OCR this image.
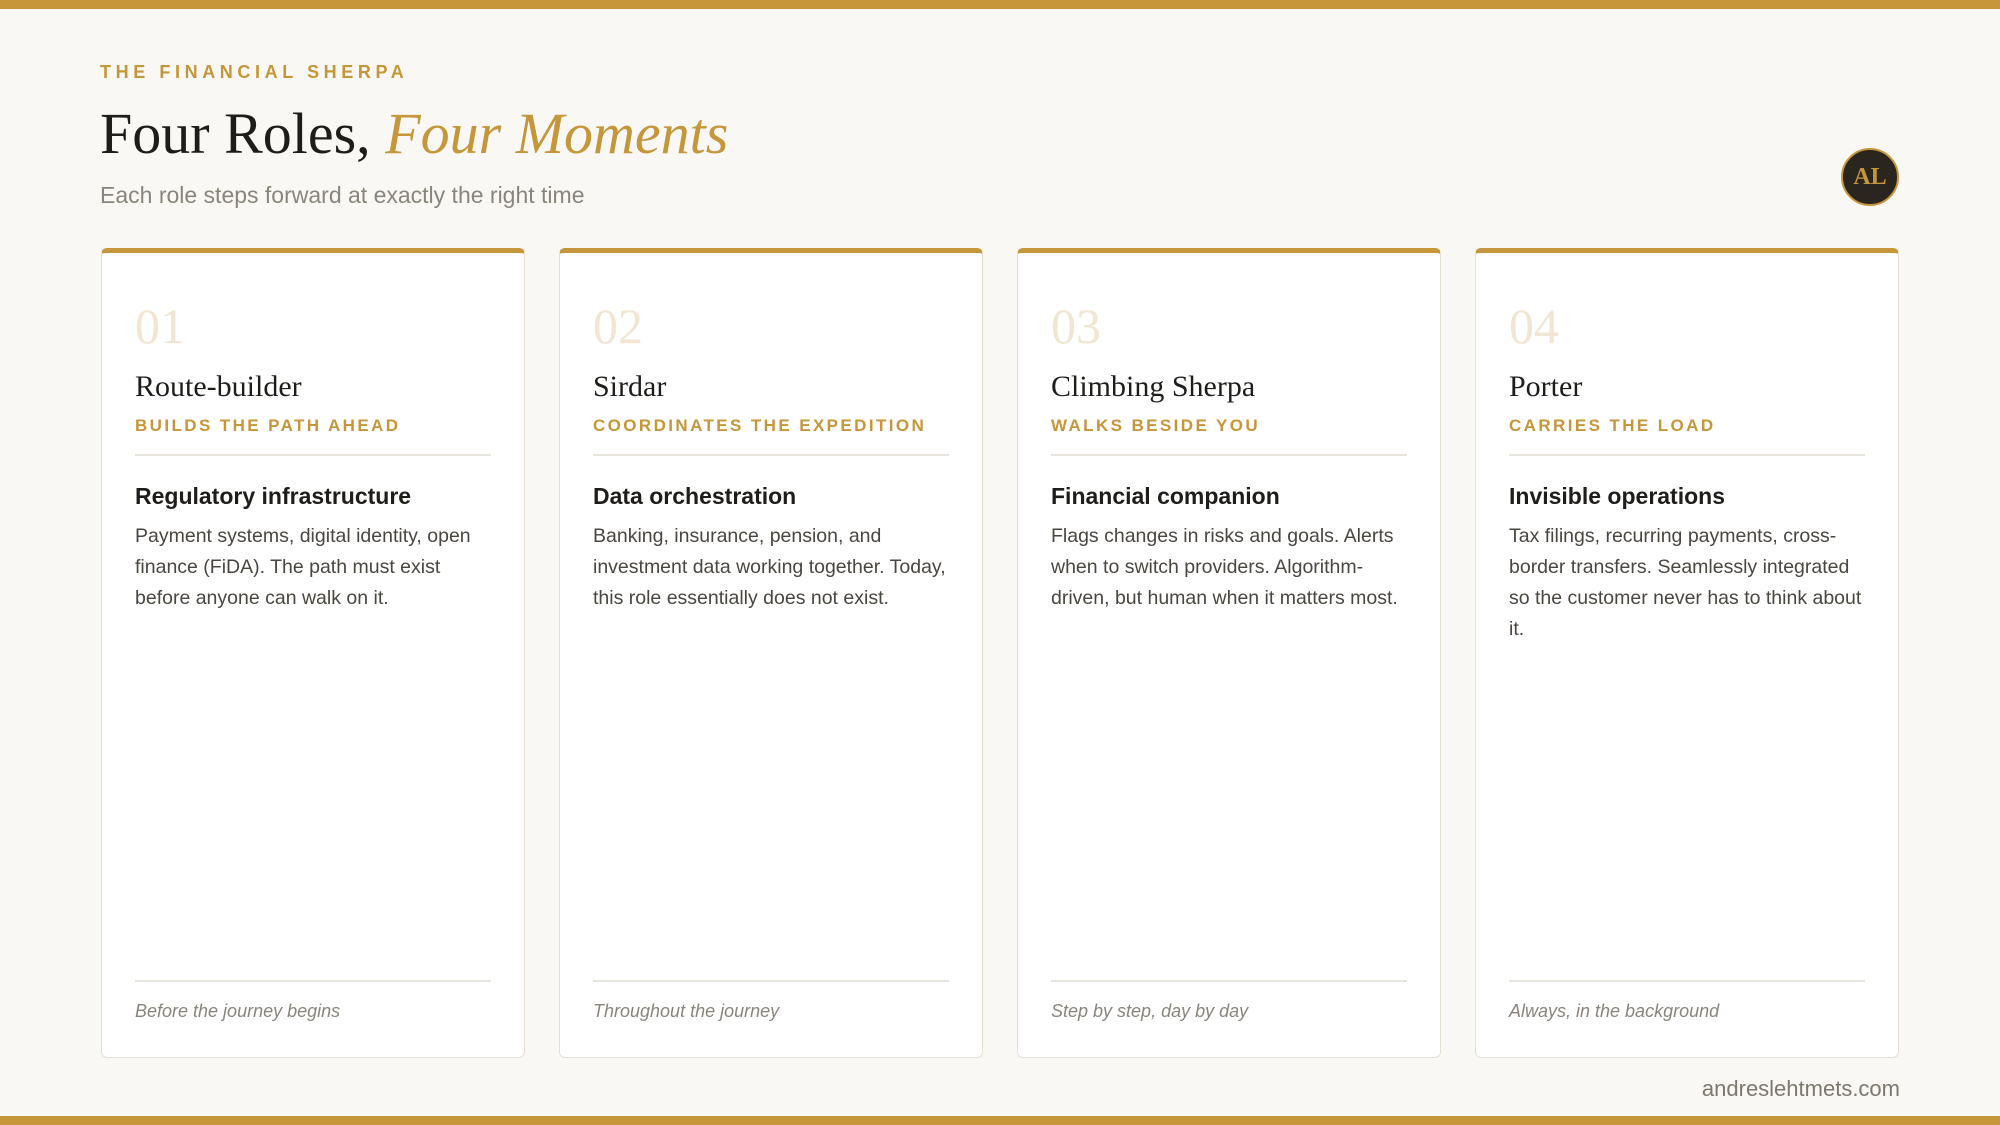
THE FINANCIAL SHERPA
Four Roles, Four Moments
Each role steps forward at exactly the right time
AL
01
Route-builder
BUILDS THE PATH AHEAD
Regulatory infrastructure
Payment systems, digital identity, open finance (FiDA). The path must exist before anyone can walk on it.
Before the journey begins
02
Sirdar
COORDINATES THE EXPEDITION
Data orchestration
Banking, insurance, pension, and investment data working together. Today, this role essentially does not exist.
Throughout the journey
03
Climbing Sherpa
WALKS BESIDE YOU
Financial companion
Flags changes in risks and goals. Alerts when to switch providers. Algorithm-driven, but human when it matters most.
Step by step, day by day
04
Porter
CARRIES THE LOAD
Invisible operations
Tax filings, recurring payments, cross-border transfers. Seamlessly integrated so the customer never has to think about it.
Always, in the background
andreslehtmets.com
